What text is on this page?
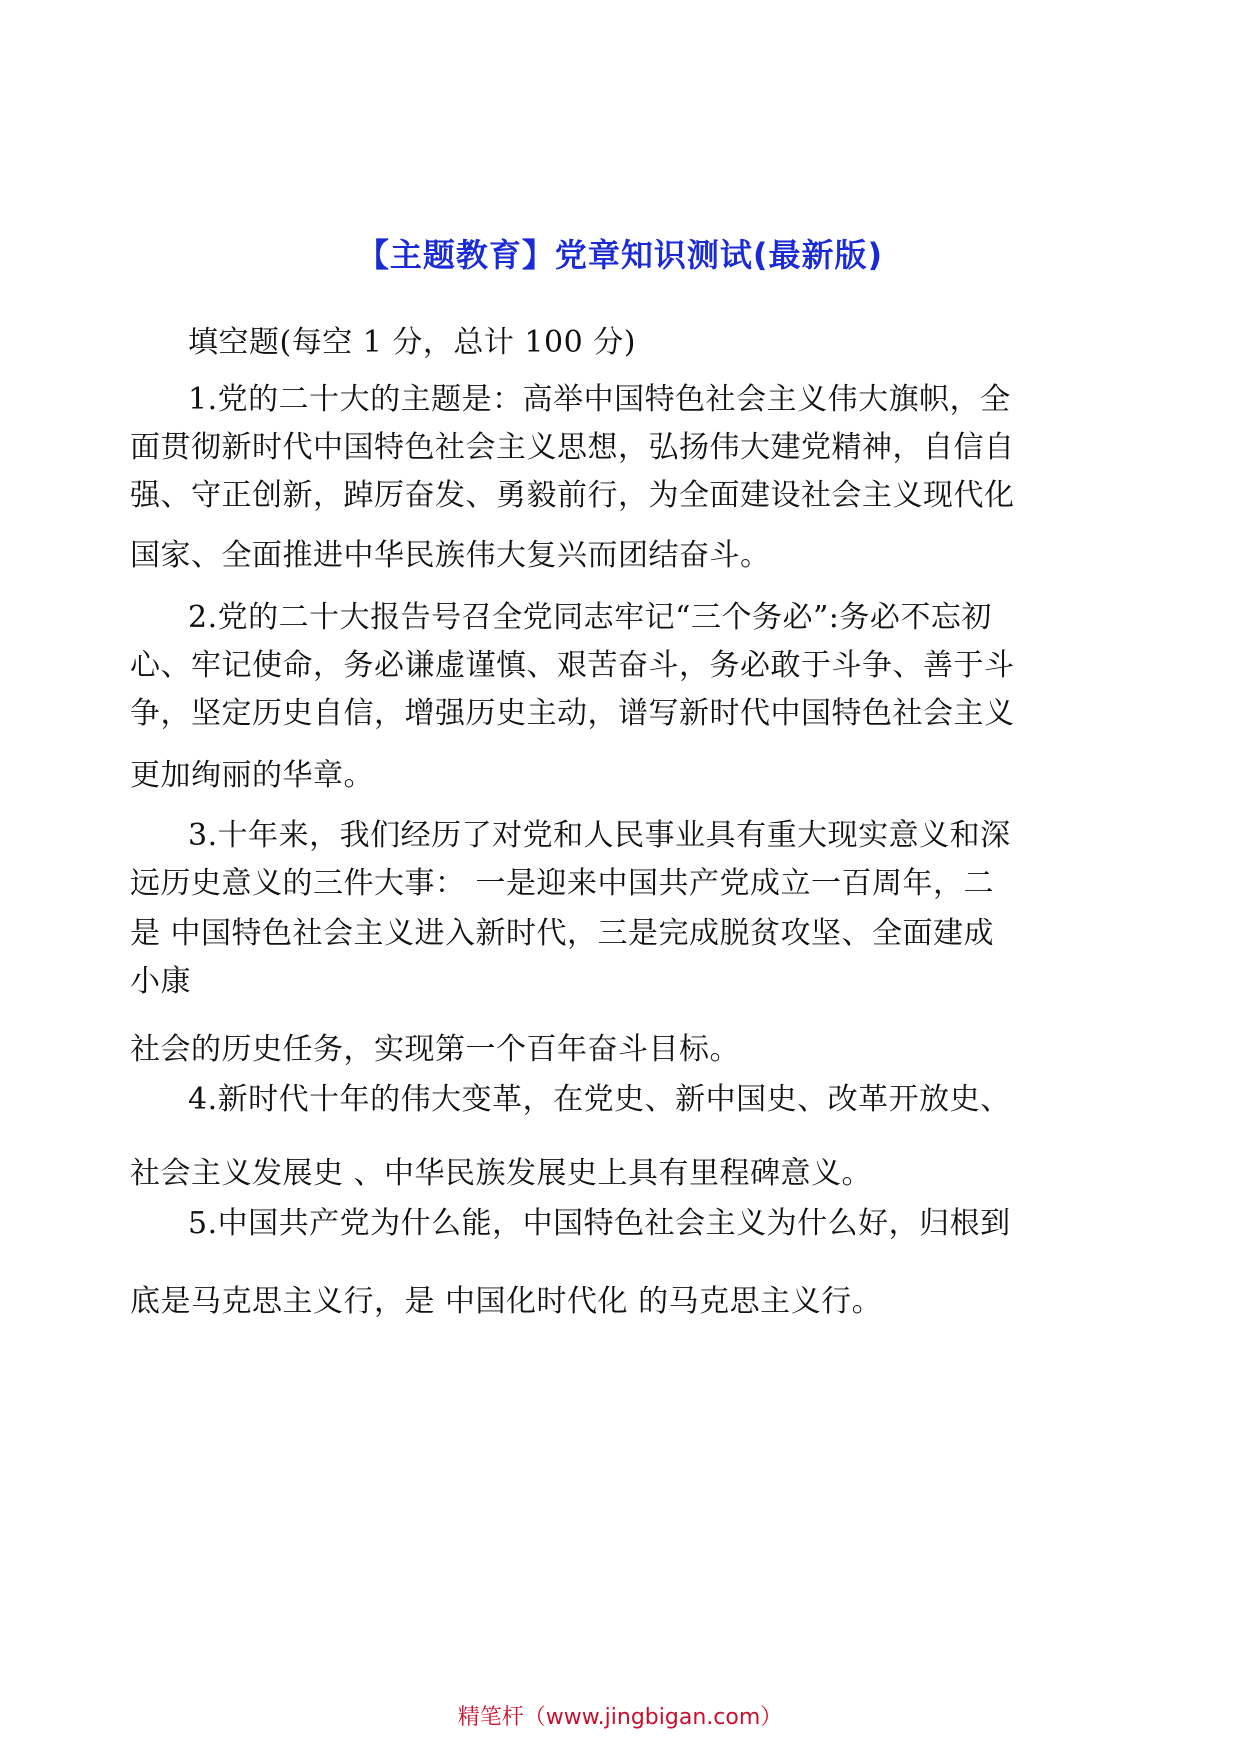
【主题教育】党章知识测试(最新版)
填空题(每空 1 分，总计 100 分)
1.党的二十大的主题是：高举中国特色社会主义伟大旗帜，全
面贯彻新时代中国特色社会主义思想，弘扬伟大建党精神，自信自
强、守正创新，踔厉奋发、勇毅前行，为全面建设社会主义现代化
国家、全面推进中华民族伟大复兴而团结奋斗。
2.党的二十大报告号召全党同志牢记“三个务必”:务必不忘初
心、牢记使命，务必谦虚谨慎、艰苦奋斗，务必敢于斗争、善于斗
争，坚定历史自信，增强历史主动，谱写新时代中国特色社会主义
更加绚丽的华章。
3.十年来，我们经历了对党和人民事业具有重大现实意义和深
远历史意义的三件大事： 一是迎来中国共产党成立一百周年，二
是 中国特色社会主义进入新时代，三是完成脱贫攻坚、全面建成
小康
社会的历史任务，实现第一个百年奋斗目标。
4.新时代十年的伟大变革，在党史、新中国史、改革开放史、
社会主义发展史 、中华民族发展史上具有里程碑意义。
5.中国共产党为什么能，中国特色社会主义为什么好，归根到
底是马克思主义行，是 中国化时代化 的马克思主义行。
精笔杆（www.jingbigan.com）
